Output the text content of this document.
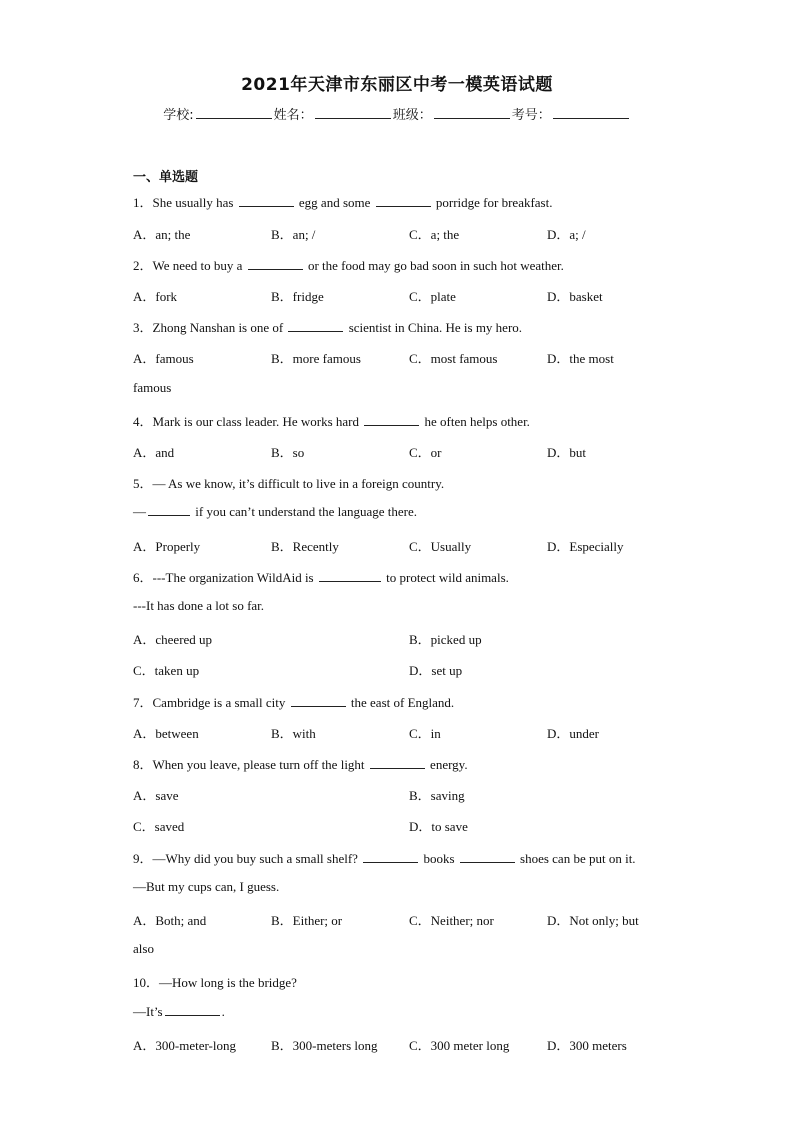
2021年天津市东丽区中考一模英语试题
学校:	姓名：	班级：	考号：
一、单选题
1．She usually has	egg and some	porridge for breakfast.
A．an; the	B．an; /	C．a; the	D．a; /
2．We need to buy a	or the food may go bad soon in such hot weather.
A．fork	B．fridge	C．plate	D．basket
3．Zhong Nanshan is one of	scientist in China. He is my hero.
A．famous	B．more famous	C．most famous	D．the most
famous
4．Mark is our class leader. He works hard	he often helps other.
A．and	B．so	C．or	D．but
5．— As we know, it’s difficult to live in a foreign country.
—	if you can’t understand the language there.
A．Properly	B．Recently	C．Usually	D．Especially
6．---The organization WildAid is	to protect wild animals.
---It has done a lot so far.
A．cheered up	B．picked up
C．taken up	D．set up
7．Cambridge is a small city	the east of England.
A．between	B．with	C．in	D．under
8．When you leave, please turn off the light	energy.
A．save	B．saving
C．saved	D．to save
9．—Why did you buy such a small shelf?	books	shoes can be put on it.
—But my cups can, I guess.
A．Both; and	B．Either; or	C．Neither; nor	D．Not only; but
also
10．—How long is the bridge?
—It’s	.
A．300-meter-long	B．300-meters long C．300 meter long	D．300 meters
